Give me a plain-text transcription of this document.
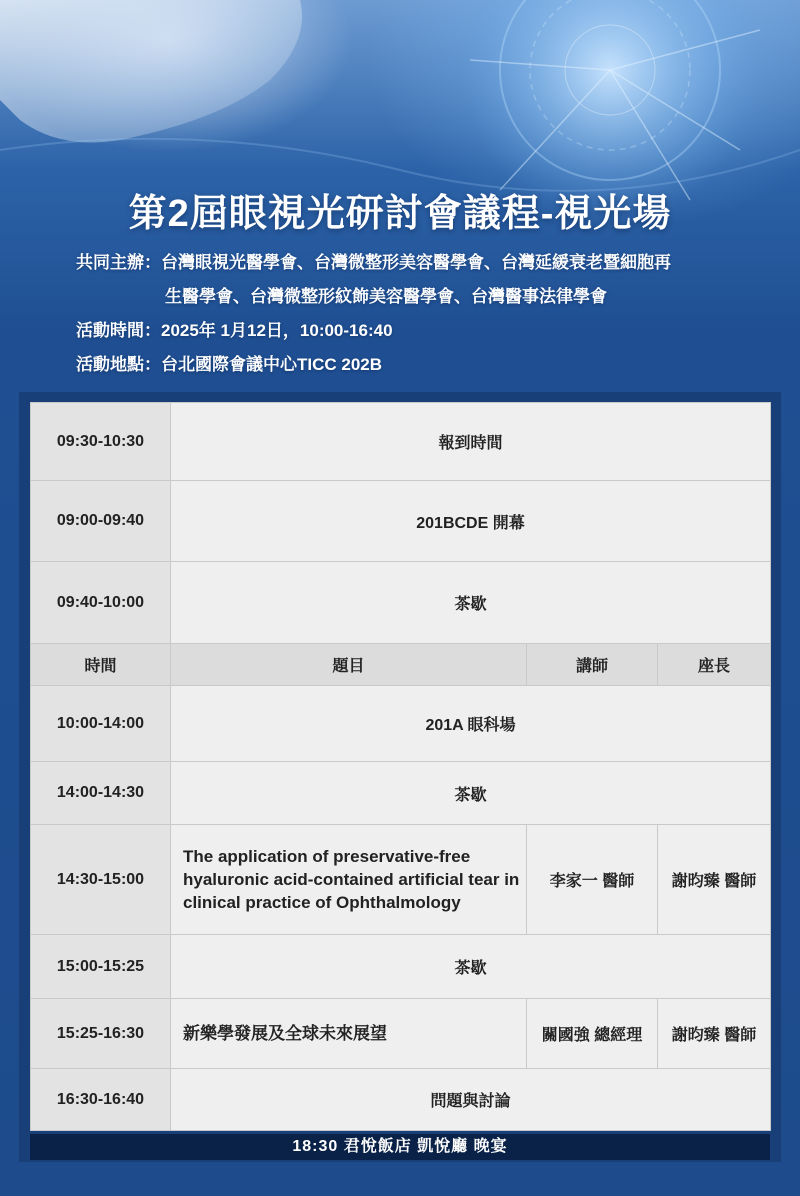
第2屆眼視光研討會議程-視光場
共同主辦：台灣眼視光醫學會、台灣微整形美容醫學會、台灣延緩衰老暨細胞再
生醫學會、台灣微整形紋飾美容醫學會、台灣醫事法律學會
活動時間：2025年 1月12日，10:00-16:40
活動地點：台北國際會議中心TICC 202B
09:30-10:30	報到時間		
09:00-09:40	201BCDE 開幕		
09:40-10:00	茶歇		
時間	題目	講師	座長
10:00-14:00	201A 眼科場		
14:00-14:30	茶歇		
14:30-15:00	The application of preservative-free hyaluronic acid-contained artificial tear in clinical practice of Ophthalmology	李家一 醫師	謝昀臻 醫師
15:00-15:25	茶歇		
15:25-16:30	新樂學發展及全球未來展望	關國強 總經理	謝昀臻 醫師
16:30-16:40	問題與討論		
18:30 君悅飯店 凱悅廳 晚宴
